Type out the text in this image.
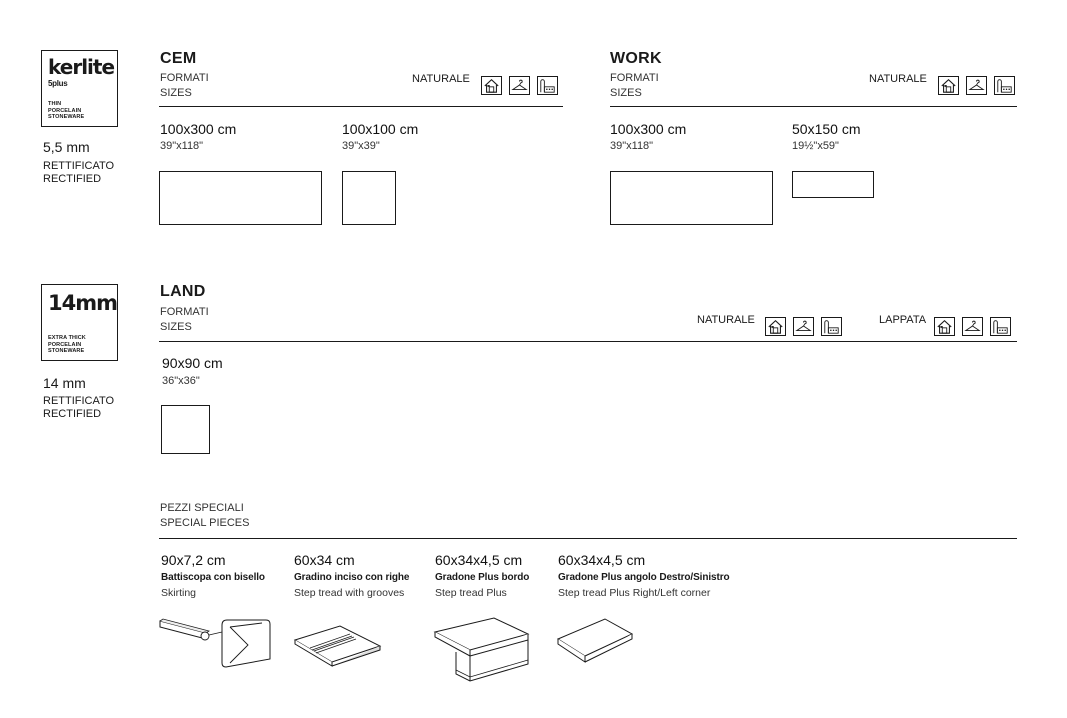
kerlite
5plus
THIN
PORCELAIN
STONEWARE
5,5 mm
RETTIFICATO
RECTIFIED
14mm
EXTRA THICK
PORCELAIN
STONEWARE
14 mm
RETTIFICATO
RECTIFIED
CEM
FORMATI
SIZES
NATURALE
100x300 cm
39"x118"
100x100 cm
39"x39"
WORK
FORMATI
SIZES
NATURALE
100x300 cm
39"x118"
50x150 cm
19½"x59"
LAND
FORMATI
SIZES
NATURALE	LAPPATA
90x90 cm
36"x36"
PEZZI SPECIALI
SPECIAL PIECES
90x7,2 cm
Battiscopa con bisello
Skirting
60x34 cm
Gradino inciso con righe
Step tread with grooves
60x34x4,5 cm
Gradone Plus bordo
Step tread Plus
60x34x4,5 cm
Gradone Plus angolo Destro/Sinistro
Step tread Plus Right/Left corner
